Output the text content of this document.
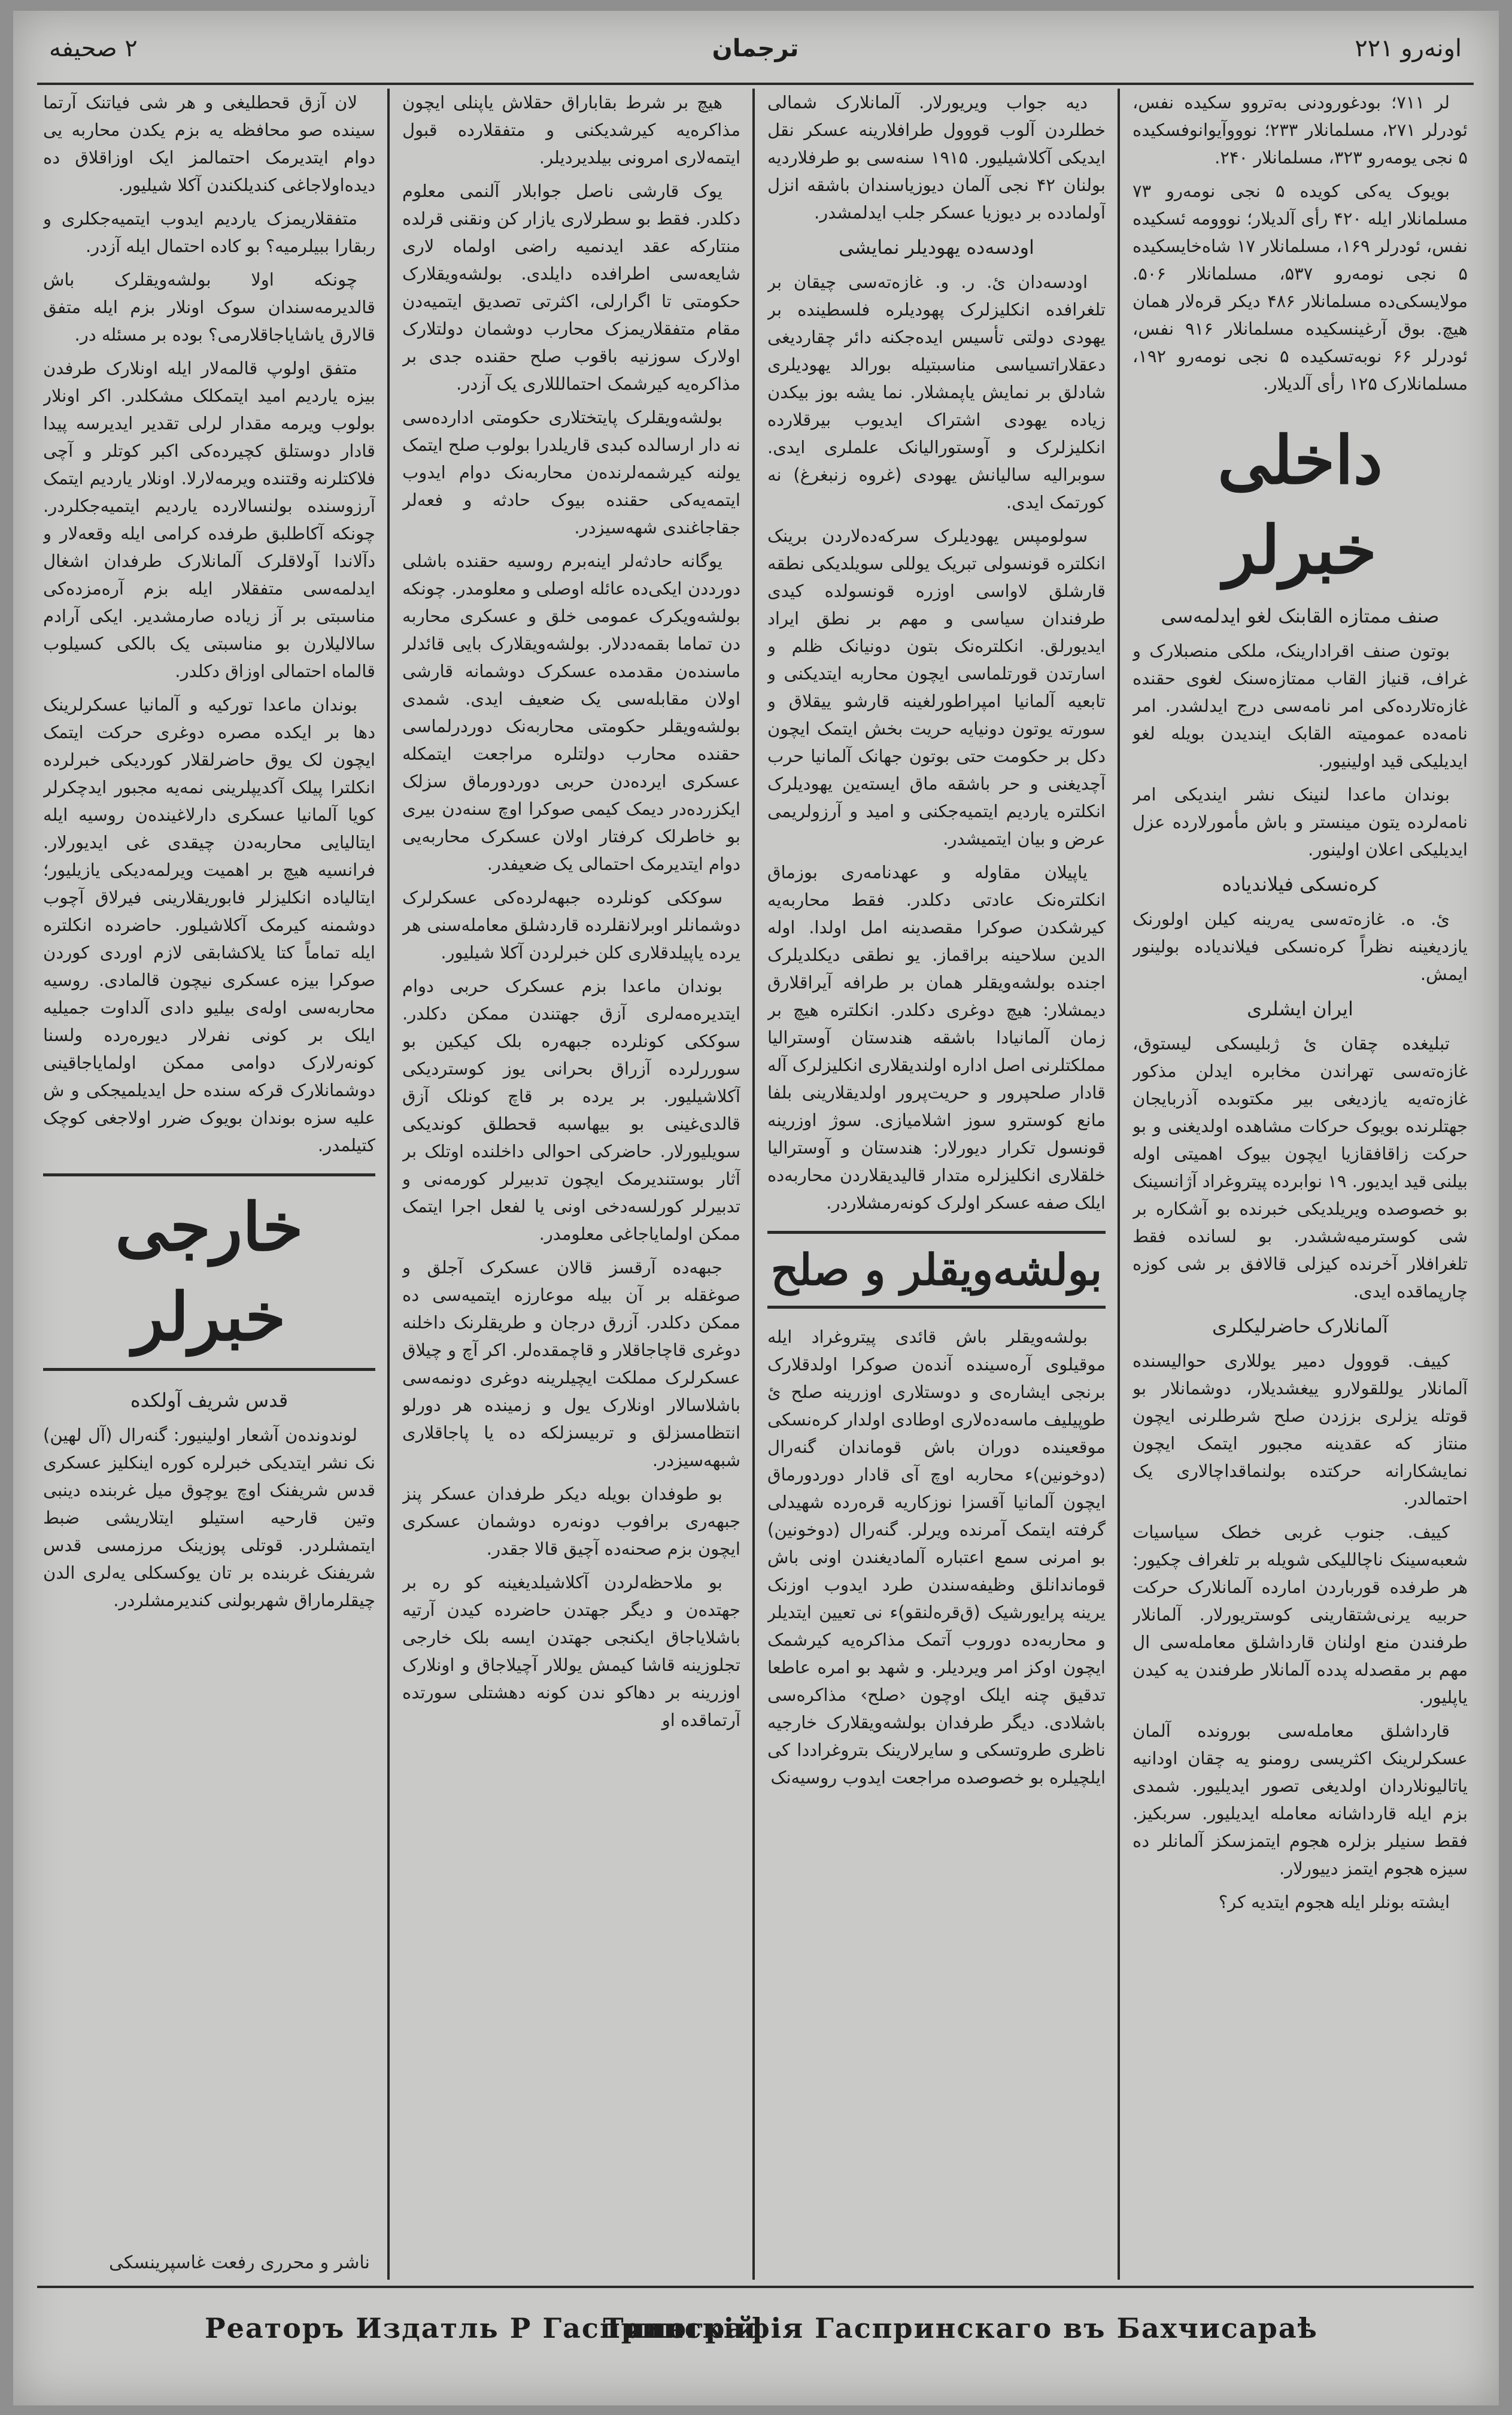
اونه‌رو ۲۲۱
ترجمان
۲ صحیفه

لر ۷۱۱؛ بودغورودنی به‌تروو سکیده نفس، ئودرلر ۲۷۱، مسلمانلار ۲۳۳؛ نوووآیوانوفسکیده ۵ نجی یومه‌رو ۳۲۳، مسلمانلار ۲۴۰.

بویوک یه‌کی کویده ۵ نجی نومه‌رو ۷۳ مسلمانلار ایله ۴۲۰ رأی آلدیلار؛ نووومه‌ ئسکیده نفس، ئودرلر ۱۶۹، مسلمانلار ۱۷ شاه‌خایسکیده ۵ نجی نومه‌رو ۵۳۷، مسلمانلار ۵۰۶. مولایسکی‌ده مسلمانلار ۴۸۶ دیکر قره‌لار همان هیچ. بوق آرغینسکیده مسلمانلار ۹۱۶ نفس، ئودرلر ۶۶ نوبه‌تسکیده ۵ نجی نومه‌رو ۱۹۲، مسلمانلارک ۱۲۵ رأی آلدیلار.

داخلی خبرلر
صنف ممتازه القابنک لغو ایدلمه‌سی

بوتون صنف اقرادارینک، ملکی منصبلارک و غراف، قنیاز القاب ممتازه‌سنک لغوی حقنده غازه‌تلارده‌کی امر نامه‌سی درج ایدلشدر. امر نامه‌ده عمومیته القابک ایندیدن بویله لغو ایدیلیکی قید اولینیور.

بوندان ماعدا لنینک نشر ایندیکی امر نامه‌لرده یتون مینستر و باش مأمورلارده عزل ایدیلیکی اعلان اولینور.

کره‌نسکی فیلاندیاده

ئ. ه. غازه‌ته‌سی یه‌رینه کیلن اولورنک یازدیغینه نظراً کره‌نسکی فیلاندیاده بولینور ایمش.

ایران ایشلری

تبلیغده چقان ئ ژبلیسکی لیستوق، غازه‌ته‌سی تهراندن مخابره ایدلن مذکور غازه‌ته‌یه یازدیغی بیر مکتوبده آذربایجان جهتلرنده بویوک حرکات مشاهده اولدیغنی و بو حرکت زاقافقازیا ایچون بیوک اهمیتی اوله بیلنی قید ایدیور. ۱۹ نوابرده پیتروغراد آژانسینک بو خصوصده ویریلدیکی خبرنده بو آشکاره بر شی کوسترمیه‌ششدر. بو لسانده فقط تلغرافلار آخرنده کیزلی قالافق بر شی کوزه چارپماقده ایدی.

آلمانلارک حاضرلیکلری

کییف. قووول دمیر یوللاری حوالیسنده آلمانلار یوللقولارو ییغشدیلار، دوشمانلار بو قوتله یزلری بززدن صلح شرطلرنی ایچون منتاز که عقدینه مجبور ایتمک ایچون نمایشکارانه حرکتده بولنماقداچالاری یک احتمالدر.

کییف. جنوب غربی خطک سیاسیات شعبه‌سینک ناچاللیکی شویله بر تلغراف چکیور: هر طرفده قورباردن امارده آلمانلارک حرکت حربیه یرنی‌شتقارینی کوستریورلار. آلمانلار طرفندن منع اولنان قارداشلق معامله‌سی ال مهم بر مقصدله پدده آلمانلار طرفندن یه کیدن یاپلیور.

قارداشلق معامله‌سی بورونده آلمان عسکرلرینک اکثریسی رومنو یه چقان اودانیه یاتالیونلاردان اولدیغی تصور ایدیلیور. شمدی بزم ایله قارداشانه معامله ایدیلیور. سربکیز. فقط سنیلر بزلره هجوم ایتمزسکز آلمانلر ده سیزه هجوم ایتمز دییورلار.

ایشته بونلر ایله هجوم ایتدیه کر؟

دیه جواب ویریورلار. آلمانلارک شمالی خطلردن آلوب قووول طرافلارینه عسکر نقل ایدیکی آکلاشیلیور. ۱۹۱۵ سنه‌سی بو طرفلاردیه بولنان ۴۲ نجی آلمان دیوزیاسندان باشقه انزل آولمادده بر دیوزیا عسکر جلب ایدلمشدر.

اودسه‌ده یهودیلر نمایشی

اودسه‌دان ئ. ر. و. غازه‌ته‌سی چیقان بر تلغرافده انکلیزلرک پهودیلره فلسطینده بر یهودی دولتی تأسیس ایده‌جکنه دائر چقاردیغی دعقلاراتسیاسی مناسبتیله بورالد یهودیلری شادلق بر نمایش یاپمشلار. نما یشه بوز بیکدن زیاده یهودی اشتراک ایدیوب بیرقلارده انکلیزلرک و آوستورالیانک علملری ایدی. سوبرالیه سالیانش یهودی (غروه زنبغرغ) نه کورتمک ایدی.

سولومپس یهودیلرک سرکه‌ده‌لاردن برینک انکلتره قونسولی تبریک یوللی سویلدیکی نطقه قارشلق لاواسی اوزره قونسولده کیدی طرفندان سیاسی و مهم بر نطق ایراد ایدیورلق. انکلتره‌نک بتون دونیانک ظلم و اسارتدن قورتلماسی ایچون محاربه ایتدیکنی و تابعیه آلمانیا امپراطورلغینه قارشو ییقلاق و سورته یوتون دونیایه حریت بخش ایتمک ایچون دکل بر حکومت حتی بوتون جهانک آلمانیا حرب آچدیغنی و حر باشقه ماق ایسته‌ین یهودیلرک انکلتره یاردیم ایتمیه‌جکنی و امید و آرزولریمی عرض و بیان ایتمیشدر.

یاپیلان مقاوله و عهدنامه‌ری بوزماق انکلتره‌نک عادتی دکلدر. فقط محاربه‌یه کیرشکدن صوکرا مقصدینه امل اولدا. اوله الدین سلاحینه براقماز. یو نطقی دیکلدیلرک اجنده بولشه‌ویقلر همان بر طرافه آیراقلارق دیمشلار: هیچ دوغری دکلدر. انکلتره هیچ بر زمان آلمانیادا باشقه هندستان آوسترالیا مملکتلرنی اصل اداره اولندیقلاری انکلیزلرک آله قادار صلحپرور و حریت‌پرور اولدیقلارینی بلفا مانع کوسترو سوز اشلامیازی. سوژ اوزرینه قونسول تکرار دیورلار: هندستان و آوسترالیا خلقلاری انکلیزلره متدار قالیدیقلاردن محاربه‌ده ایلک صفه عسکر اولرک کونه‌رمشلاردر.

بولشه‌ویقلر و صلح

بولشه‌ویقلر باش قائدی پیتروغراد ایله موقیلوی آره‌سینده آنده‌ن صوکرا اولدقلارک برنجی ایشاره‌ی و دوستلاری اوزرینه صلح ئ طوپیلیف ماسه‌ده‌لاری اوطادی اولدار کره‌نسکی موقعینده دوران باش قوماندان گنه‌رال (دوخونین)ء محاربه اوچ آی قادار دوردورماق ایچون آلمانیا آقسزا نوزکاریه قره‌رده شهیدلی گرفته ایتمک آمرنده ویرلر. گنه‌رال (دوخونین) بو امرنی سمع اعتباره آلمادیغندن اونی باش قوماندانلق وظیفه‌سندن طرد ایدوب اوزنک یرینه پرایورشیک (ق‌قره‌لنقو)ء نی تعیین ایتدیلر و محاربه‌ده دوروب آتمک مذاکره‌یه کیرشمک ایچون اوکز امر ویردیلر. و شهد بو امره عاطعا تدقیق چنه ایلک اوچون ‹صلح› مذاکره‌سی باشلادی. دیگر طرفدان بولشه‌ویقلارک خارجیه ناظری طروتسکی و سایرلارینک بتروغراددا کی ایلچیلره بو خصوصده مراجعت ایدوب روسیه‌نک

هیچ بر شرط بقاباراق حقلاش یاپنلی ایچون مذاکره‌یه کیرشدیکنی و متفقلارده قبول ایتمه‌لاری امرونی بیلدیردیلر.

یوک قارشی ناصل جوابلار آلنمی معلوم دکلدر. فقط بو سطرلاری یازار کن ونقنی قرلده منتارکه عقد ایدنمیه راضی اولماه لاری شایعه‌سی اطرافده دایلدی. بولشه‌ویقلارک حکومتی تا اگرارلی، اکثرتی تصدیق ایتمیه‌دن مقام متفقلاریمزک محارب دوشمان دولتلارک اولارک سوزنیه باقوب صلح حقنده جدی بر مذاکره‌یه کیرشمک احتمالللاری یک آزدر.

بولشه‌ویقلرک پایتختلاری حکومتی ادارده‌سی نه دار ارسالده کبدی قاریلدرا بولوب صلح ایتمک یولنه کیرشمه‌لرنده‌ن محاربه‌نک دوام ایدوب ایتمه‌یه‌کی حقنده بیوک حادثه و فعه‌لر جقاجاغندی شهه‌سیزدر.

یوگانه حادثه‌لر اینه‌برم روسیه حقنده باشلی دورددن ایکی‌ده عائله اوصلی و معلومدر. چونکه بولشه‌ویکرک عمومی خلق و عسکری محاربه دن تماما بقمه‌ددلار. بولشه‌ویقلارک بایی قائدلر ماسنده‌ن مقدمده عسکرک دوشمانه قارشی اولان مقابله‌سی یک ضعیف ایدی. شمدی بولشه‌ویقلر حکومتی محاربه‌نک دوردرلماسی حقنده محارب دولتلره مراجعت ایتمکله عسکری ایرده‌دن حربی دوردورماق سزلک ایکزرده‌در دیمک کیمی صوکرا اوچ سنه‌دن بیری بو خاطرلک کرفتار اولان عسکرک محاربه‌یی دوام ایتدیرمک احتمالی یک ضعیفدر.

سوککی کونلرده جبهه‌لرده‌کی عسکرلرک دوشمانلر اوبرلانقلرده قاردشلق معامله‌سنی هر یرده یاپیلدقلاری کلن خبرلردن آکلا شیلیور.

بوندان ماعدا بزم عسکرک حربی دوام ایتدیره‌مه‌لری آزق جهتندن ممکن دکلدر. سوککی کونلرده جبهه‌ره بلک کیکین بو سوررلرده آزراق بحرانی یوز کوستردیکی آکلاشیلیور. بر یرده بر قاچ کونلک آزق قالدی‌غینی بو بیهاسبه قحطلق کوندیکی سویلیورلار. حاضر‌کی احوالی داخلنده اوتلک بر آثار بوستندیرمک ایچون تدبیرلر کورمه‌نی و تدبیرلر کورلسه‌دخی اونی یا لفعل اجرا ایتمک ممکن اولمایاجاغی معلومدر.

جبهه‌ده آرقسز قالان عسکرک آجلق و صوغقله بر آن بیله موعارزه ایتمیه‌سی ده ممکن دکلدر. آزرق درجان و طریقلرنک داخلنه دوغری قاچاجاقلار و قاچمقده‌لر. اکر آچ و چیلاق عسکرلرک مملکت ایچیلرینه دوغری دونمه‌سی باشلاسالار اونلارک یول و زمینده هر دورلو انتظامسزلق و تربیسزلکه ده یا پاجاقلاری شبهه‌سیزدر.

بو طوفدان بویله دیکر طرفدان عسکر پنز جبهه‌ری برافوب دونه‌ره دوشمان عسکری ایچون بزم صحنه‌ده آچیق قالا جقدر.

بو ملاحظه‌لردن آکلاشیلدیغینه کو ره بر جهتده‌ن و دیگر جهتدن حاضرده کیدن آرتیه باشلایاجاق ایکنجی جهتدن ایسه بلک خارجی تجلوزینه قاشا کیمش یوللار آچیلاجاق و اونلارک اوزرینه بر دهاکو ندن کونه دهشتلی سورتده آرتماقده او

لان آزق قحطلیغی و هر شی فیاتنک آرتما سینده صو محافظه یه بزم یکدن محاربه یی دوام ایتدیرمک احتمالمز ایک اوزاقلاق ده دیده‌اولاجاغی کندیلکندن آکلا شیلیور.

متفقلاریمزک یاردیم ایدوب ایتمیه‌جکلری و ربقارا ببیلرمیه؟ بو کاده احتمال ایله آزدر.

چونکه اولا بولشه‌ویقلرک باش قالدیرمه‌سندان سوک اونلار بزم ایله متفق قالارق یاشایاجاقلارمی؟ بوده بر مسئله در.

متفق اولوپ قالمه‌لار ایله اونلارک طرفدن بیزه یاردیم امید ایتمکلک مشکلدر. اکر اونلار بولوب ویرمه مقدار لرلی تقدیر ایدیرسه پیدا قادار دوستلق کچیرده‌کی اکبر کوتلر و آچی فلاکتلرنه وقتنده ویرمه‌لارلا. اونلار یاردیم ایتمک آرزوسنده بولنسالارده یاردیم ایتمیه‌جکلردر. چونکه آکاطلبق طرفده کرامی ایله وقعه‌لار و دآلاندا آولاقلرک آلمانلارک طرفدان اشغال ایدلمه‌سی متفقلار ایله بزم آره‌مزده‌کی مناسبتی بر آز زیاده صارمشدیر. ایکی آرادم سالالیلارن بو مناسبتی یک بالکی کسیلوب قالماه احتمالی اوزاق دکلدر.

بوندان ماعدا تورکیه و آلمانیا عسکرلرینک دها بر ایکده مصره دوغری حرکت ایتمک ایچون لک یوق حاضرلقلار کوردیکی خبرلرده انکلترا پیلک آکدیپلرینی نمه‌یه مجبور ایدچکرلر کویا آلمانیا عسکری دارلاغینده‌ن روسیه ایله ایتالیایی محاربه‌دن چیقدی غی ایدیورلار. فرانسیه هیچ بر اهمیت ویرلمه‌دیکی یازیلیور؛ ایتالیاده انکلیزلر فابوریقلارینی فیرلاق آچوب دوشمنه کیرمک آکلاشیلور. حاضرده انکلتره ایله تماماً کتا یلاکشابقی لازم اوردی کوردن صوکرا بیزه عسکری نیچون قالمادی. روسیه محاربه‌سی اوله‌ی بیلیو دادی آلداوت جمیلیه ایلک بر کونی نفرلار دیوره‌رده ولسنا کونه‌رلارک دوامی ممکن اولمایاجاقینی دوشمانلارک قرکه سنده حل ایدیلمیجکی و ش علیه سزه بوندان بویوک ضرر اولاجغی کوچک کتیلمدر.

خارجی خبرلر
قدس شریف آولکده

لوندونده‌ن آشعار اولینیور: گنه‌رال (آل لهین) نک نشر ایتدیکی خبرلره کوره اینکلیز عسکری قدس شریفنک اوچ یوچوق میل غربنده دینبی وتین قارحیه استیلو ایتلاریشی ضبط ایتمشلردر. قوتلی پوزینک مرزمسی قدس شریفنک غربنده بر تان یوکسکلی یه‌لری الدن چیقلرماراق شهربولنی کندیرمشلردر.

ناشر و محرری رفعت غاسپرینسکی
Реаторъ Издатль Р Гаспринскій
Типографiя Гаспринскаго въ Бахчисараѣ
